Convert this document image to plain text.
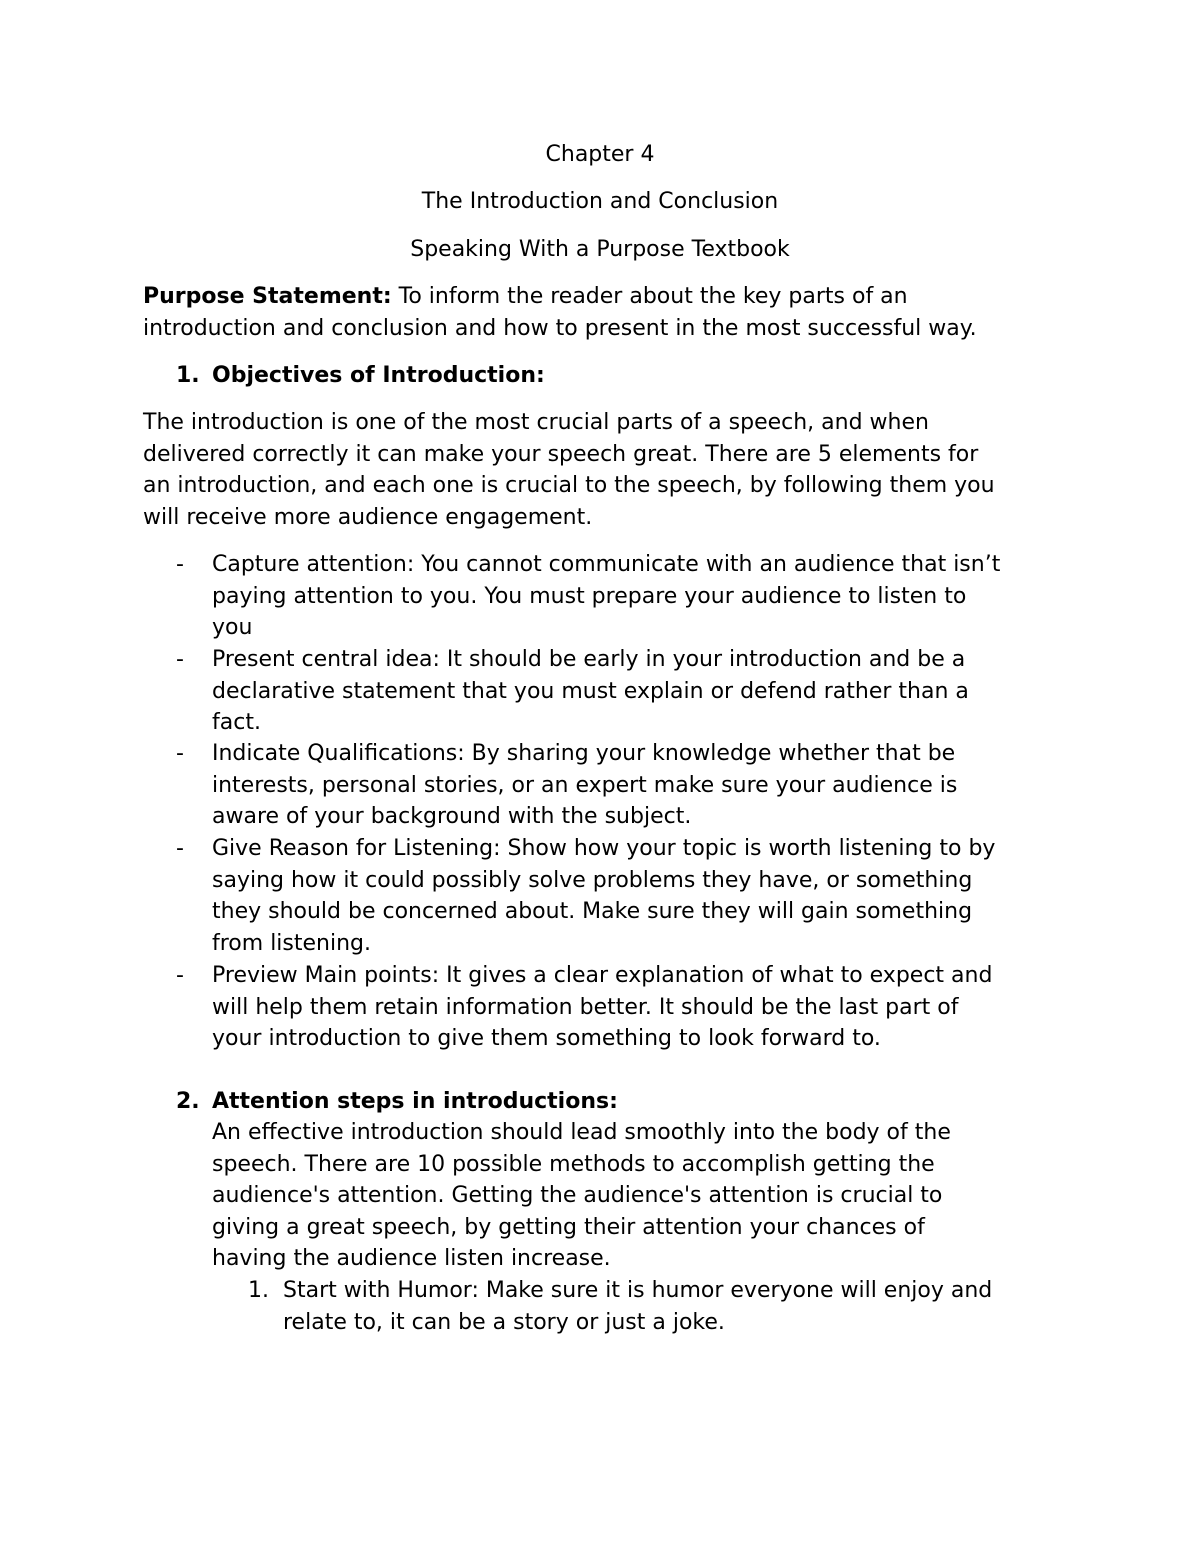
Chapter 4
The Introduction and Conclusion
Speaking With a Purpose Textbook
Purpose Statement: To inform the reader about the key parts of an
introduction and conclusion and how to present in the most successful way.
1. Objectives of Introduction:
The introduction is one of the most crucial parts of a speech, and when
delivered correctly it can make your speech great. There are 5 elements for
an introduction, and each one is crucial to the speech, by following them you
will receive more audience engagement.
- Capture attention: You cannot communicate with an audience that isn’t
paying attention to you. You must prepare your audience to listen to
you
- Present central idea: It should be early in your introduction and be a
declarative statement that you must explain or defend rather than a
fact.
- Indicate Qualifications: By sharing your knowledge whether that be
interests, personal stories, or an expert make sure your audience is
aware of your background with the subject.
- Give Reason for Listening: Show how your topic is worth listening to by
saying how it could possibly solve problems they have, or something
they should be concerned about. Make sure they will gain something
from listening.
- Preview Main points: It gives a clear explanation of what to expect and
will help them retain information better. It should be the last part of
your introduction to give them something to look forward to.
2. Attention steps in introductions:
An effective introduction should lead smoothly into the body of the
speech. There are 10 possible methods to accomplish getting the
audience's attention. Getting the audience's attention is crucial to
giving a great speech, by getting their attention your chances of
having the audience listen increase.
1. Start with Humor: Make sure it is humor everyone will enjoy and
relate to, it can be a story or just a joke.
